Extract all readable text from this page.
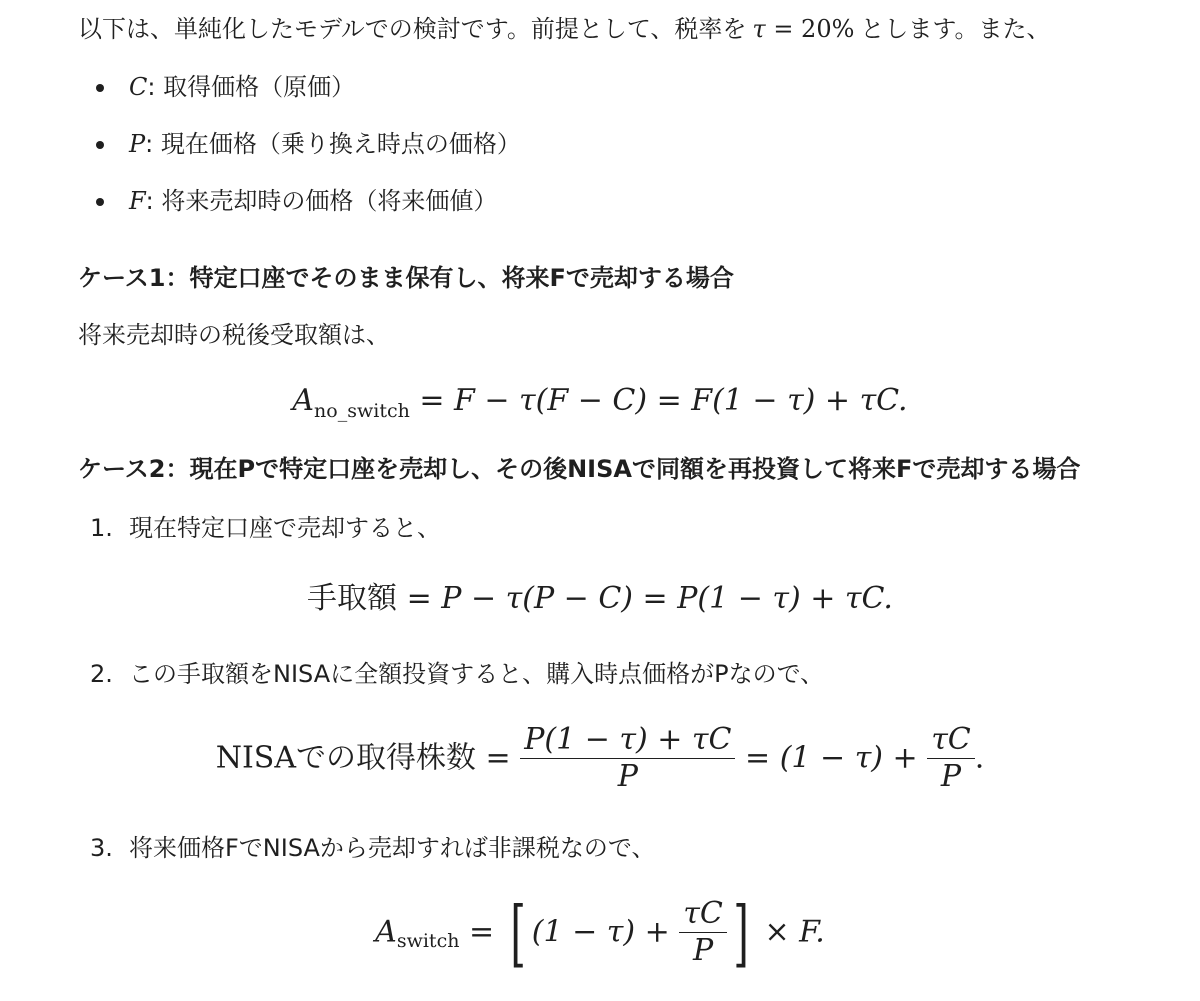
以下は、単純化したモデルでの検討です。前提として、税率を τ = 20% とします。また、
C: 取得価格（原価）
P: 現在価格（乗り換え時点の価格）
F: 将来売却時の価格（将来価値）
ケース1：特定口座でそのまま保有し、将来Fで売却する場合
将来売却時の税後受取額は、
$A_{no\_switch} = F - \tau(F - C) = F(1 - \tau) + \tau C$.
ケース2：現在Pで特定口座を売却し、その後NISAで同額を再投資して将来Fで売却する場合
1. 現在特定口座で売却すると、
手取額 = P − τ(P − C) = P(1 − τ) + τC.
2. この手取額をNISAに全額投資すると、購入時点価格がPなので、
NISAでの取得株数 = $\frac{P(1 - \tau) + \tau C}{P} = (1 - \tau) + \frac{\tau C}{P}$ .
3. 将来価格FでNISAから売却すれば非課税なので、
$A_{switch}$ = [ $(1 - \tau) + \frac{\tau C}{P}$ ] × F.
